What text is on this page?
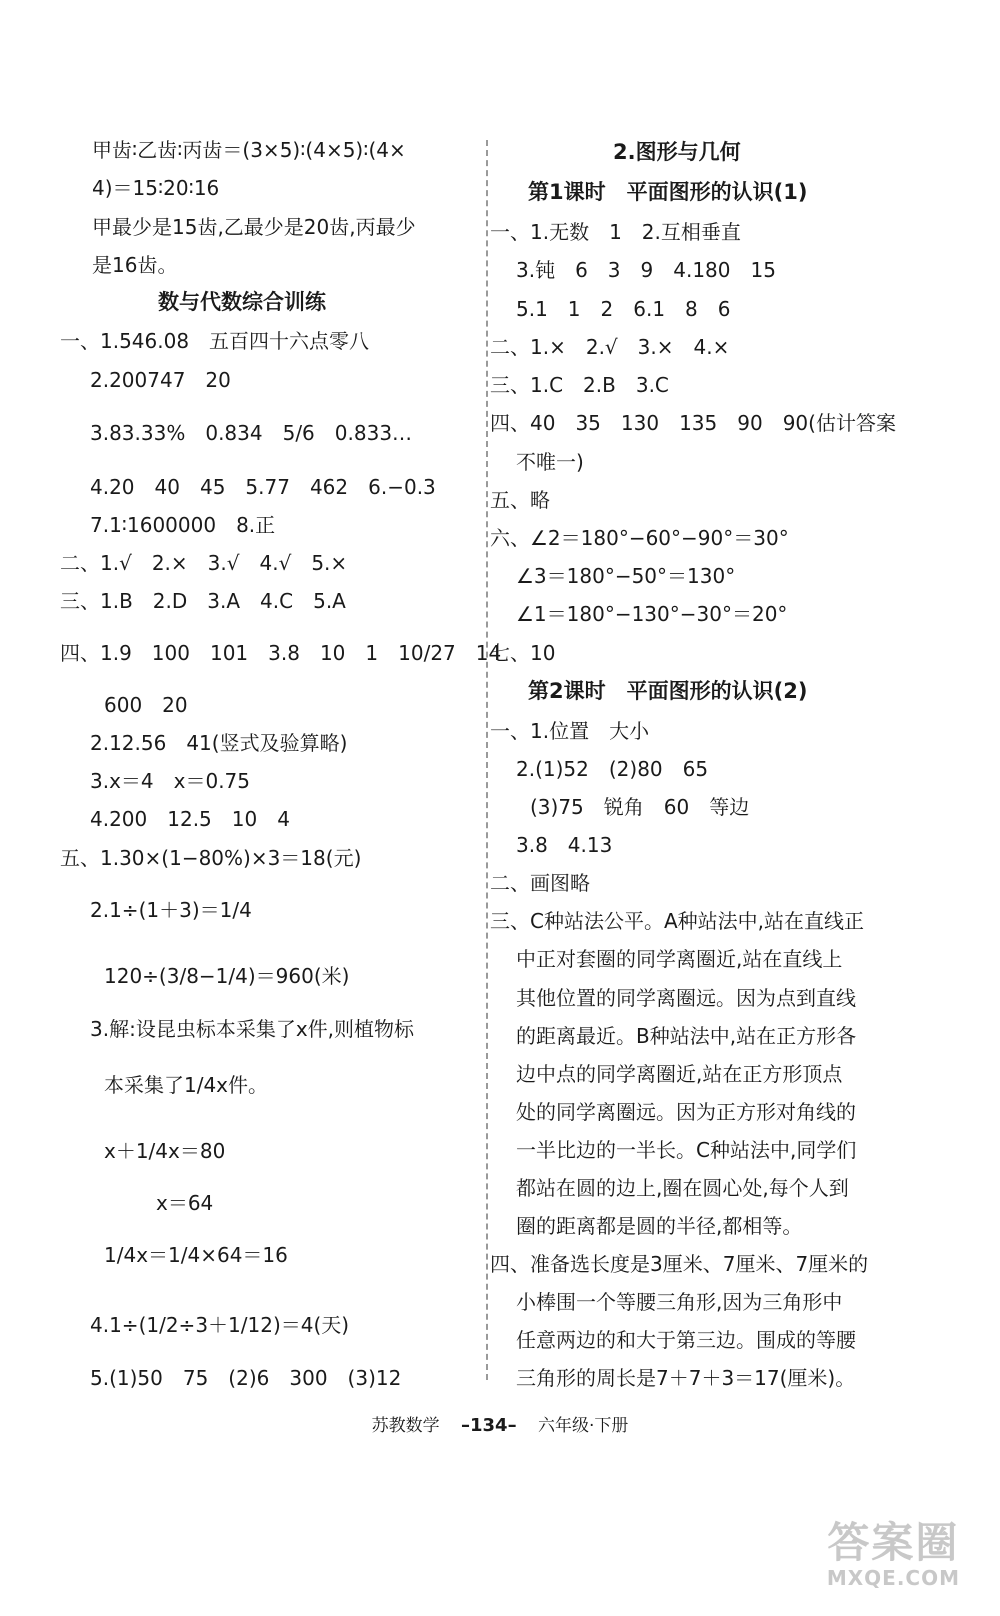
甲齿∶乙齿∶丙齿＝(3×5)∶(4×5)∶(4×
4)＝15∶20∶16
甲最少是15齿,乙最少是20齿,丙最少
是16齿。
数与代数综合训练
一、1.546.08　五百四十六点零八
2.200747　20
3.83.33%　0.834　5/6　0.833…
4.20　40　45　5.77　462　6.−0.3
7.1∶1600000　8.正
二、1.√　2.×　3.√　4.√　5.×
三、1.B　2.D　3.A　4.C　5.A
四、1.9　100　101　3.8　10　1　10/27　14
600　20
2.12.56　41(竖式及验算略)
3.x＝4　x＝0.75
4.200　12.5　10　4
五、1.30×(1−80%)×3＝18(元)
2.1÷(1＋3)＝1/4
120÷(3/8−1/4)＝960(米)
3.解:设昆虫标本采集了x件,则植物标
本采集了1/4x件。
x＋1/4x＝80
x＝64
1/4x＝1/4×64＝16
4.1÷(1/2÷3＋1/12)＝4(天)
5.(1)50　75　(2)6　300　(3)12
2.图形与几何
第1课时　平面图形的认识(1)
一、1.无数　1　2.互相垂直
3.钝　6　3　9　4.180　15
5.1　1　2　6.1　8　6
二、1.×　2.√　3.×　4.×
三、1.C　2.B　3.C
四、40　35　130　135　90　90(估计答案
不唯一)
五、略
六、∠2＝180°−60°−90°＝30°
∠3＝180°−50°＝130°
∠1＝180°−130°−30°＝20°
七、10
第2课时　平面图形的认识(2)
一、1.位置　大小
2.(1)52　(2)80　65
(3)75　锐角　60　等边
3.8　4.13
二、画图略
三、C种站法公平。A种站法中,站在直线正
中正对套圈的同学离圈近,站在直线上
其他位置的同学离圈远。因为点到直线
的距离最近。B种站法中,站在正方形各
边中点的同学离圈近,站在正方形顶点
处的同学离圈远。因为正方形对角线的
一半比边的一半长。C种站法中,同学们
都站在圆的边上,圈在圆心处,每个人到
圈的距离都是圆的半径,都相等。
四、准备选长度是3厘米、7厘米、7厘米的
小棒围一个等腰三角形,因为三角形中
任意两边的和大于第三边。围成的等腰
三角形的周长是7＋7＋3＝17(厘米)。
苏教数学 –134– 六年级·下册
答案圈
MXQE.COM
